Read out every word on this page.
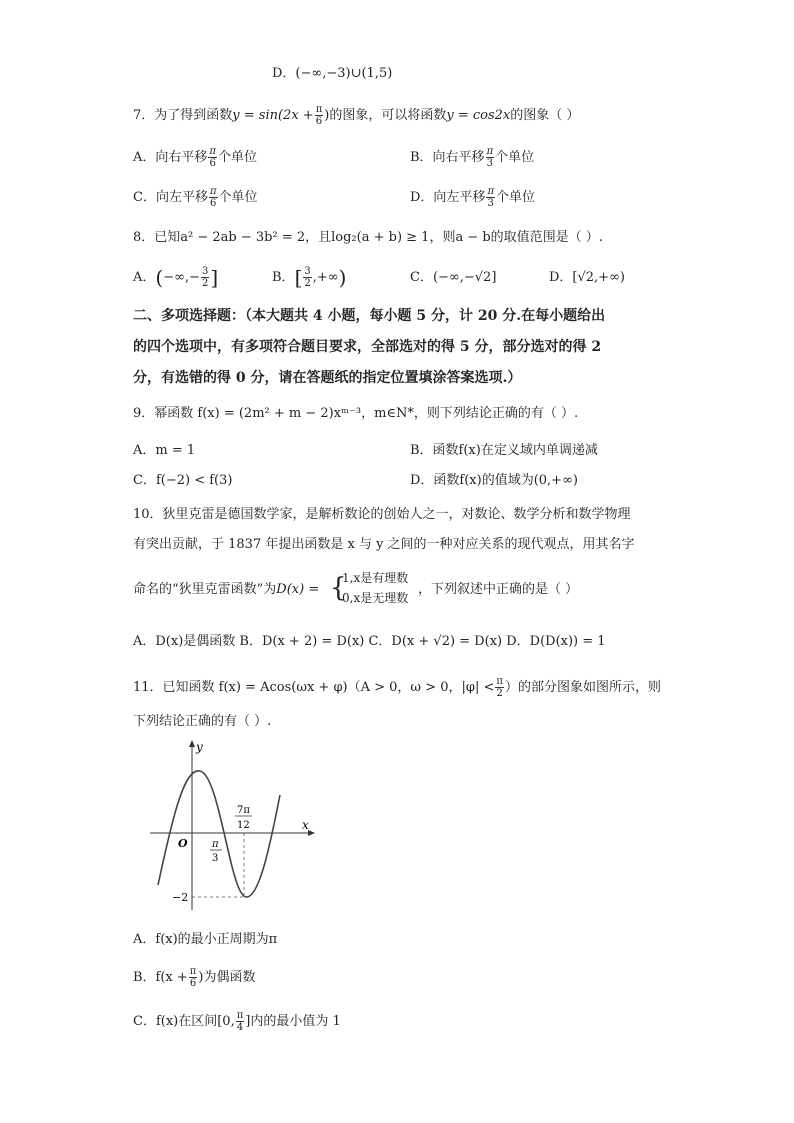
D．(−∞,−3)∪(1,5)
7．为了得到函数$y = \sin(2x + \frac{\pi}{6}$ )的图象，可以将函数y = cos2x的图象（ ）
A．向右平移 $\frac{\pi}{6}$ 个单位	B．向右平移 $\frac{\pi}{3}$ 个单位
C．向左平移 $\frac{\pi}{6}$ 个单位	D．向左平移 $\frac{\pi}{3}$ 个单位
8．已知a² − 2ab − 3b² = 2，且log₂(a + b) ≥ 1，则a − b的取值范围是（ ）.
A．(−∞,− $\frac{3}{2}$ ]	B．[ $\frac{3}{2}$ ,+∞)	C．(−∞,−√2]	D．[√2,+∞)
二、多项选择题：（本大题共 4 小题，每小题 5 分，计 20 分.在每小题给出
的四个选项中，有多项符合题目要求，全部选对的得 5 分，部分选对的得 2
分，有选错的得 0 分，请在答题纸的指定位置填涂答案选项.）
9．幂函数 f(x) = (2m² + m − 2)xᵐ⁻³，m∈N*，则下列结论正确的有（ ）.
A．m = 1	B．函数f(x)在定义域内单调递减
C．f(−2) < f(3)	D．函数f(x)的值域为(0,+∞)
10．狄里克雷是德国数学家，是解析数论的创始人之一，对数论、数学分析和数学物理
有突出贡献，于 1837 年提出函数是 x 与 y 之间的一种对应关系的现代观点，用其名字
命名的“狄里克雷函数”为D(x) = {
1,x是有理数
0,x是无理数
，下列叙述中正确的是（ ）
A．D(x)是偶函数 B．D(x + 2) = D(x) C．D(x + √2) = D(x) D．D(D(x)) = 1
11．已知函数 f(x) = Acos(ωx + φ)（A > 0，ω > 0，$|\varphi| < \frac{\pi}{2}$ ）的部分图象如图所示，则
下列结论正确的有（ ）.
y
x
O
7π
12
π
3
−2
A．f(x)的最小正周期为π
B．$f(x + \frac{\pi}{6}$ )为偶函数
C．f(x)在区间[0, $\frac{\pi}{4}$ ]内的最小值为 1
